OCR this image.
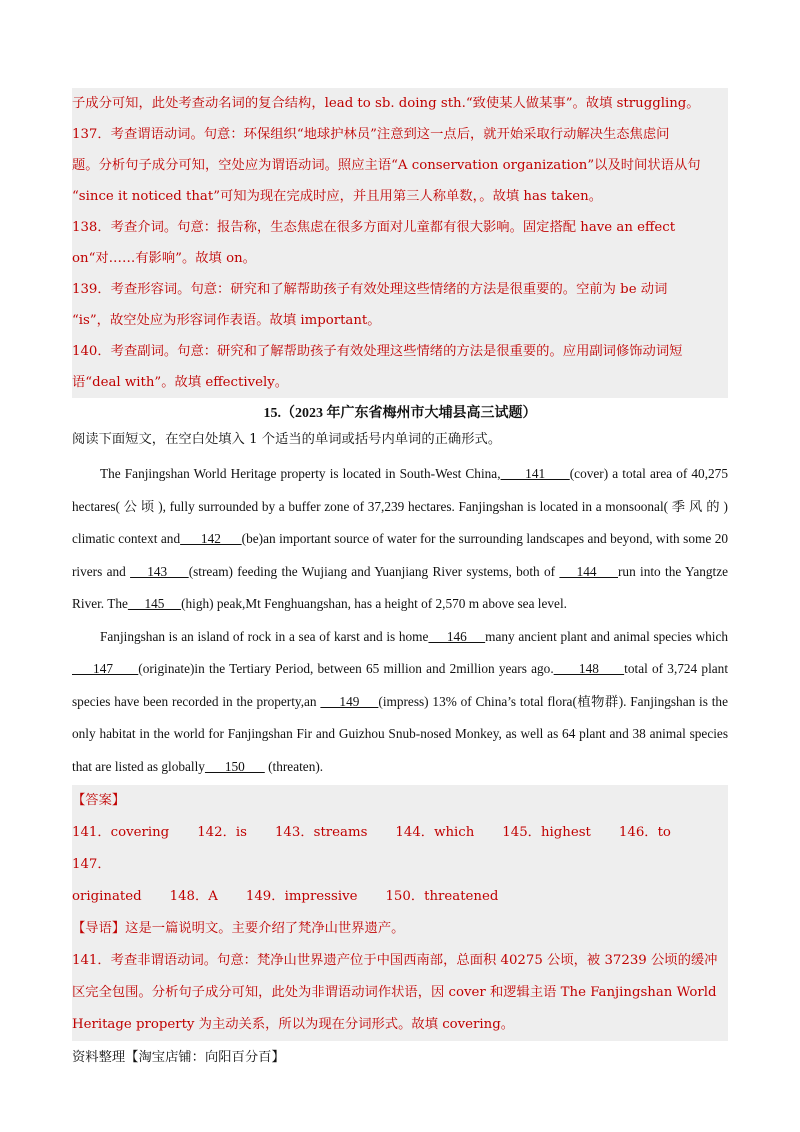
子成分可知，此处考查动名词的复合结构，lead to sb. doing sth.“致使某人做某事”。故填 struggling。

137．考查谓语动词。句意：环保组织“地球护林员”注意到这一点后，就开始采取行动解决生态焦虑问

题。分析句子成分可知，空处应为谓语动词。照应主语“A conservation organization”以及时间状语从句

“since it noticed that”可知为现在完成时应，并且用第三人称单数，。故填 has taken。

138．考查介词。句意：报告称，生态焦虑在很多方面对儿童都有很大影响。固定搭配 have an effect

on“对……有影响”。故填 on。

139．考查形容词。句意：研究和了解帮助孩子有效处理这些情绪的方法是很重要的。空前为 be 动词

“is”，故空处应为形容词作表语。故填 important。

140．考查副词。句意：研究和了解帮助孩子有效处理这些情绪的方法是很重要的。应用副词修饰动词短

语“deal with”。故填 effectively。

15.（2023 年广东省梅州市大埔县高三试题）

阅读下面短文，在空白处填入 1 个适当的单词或括号内单词的正确形式。

The Fanjingshan World Heritage property is located in South-West China,      141      (cover) a total area of 40,275 hectares( 公 顷 ), fully surrounded by a buffer zone of 37,239 hectares. Fanjingshan is located in a monsoonal( 季 风 的 ) climatic context and      142      (be)an important source of water for the surrounding landscapes and beyond, with some 20 rivers and     143     (stream) feeding the Wujiang and Yuanjiang River systems, both of     144     run into the Yangtze River. The     145     (high) peak,Mt Fenghuangshan, has a height of 2,570 m above sea level.

Fanjingshan is an island of rock in a sea of karst and is home     146     many ancient plant and animal species which     147      (originate)in the Tertiary Period, between 65 million and 2million years ago.      148      total of 3,724 plant species have been recorded in the property,an      149     (impress) 13% of China’s total flora(植物群). Fanjingshan is the only habitat in the world for Fanjingshan Fir and Guizhou Snub-nosed Monkey, as well as 64 plant and 38 animal species that are listed as globally      150       (threaten).

【答案】

141．covering 142．is 143．streams 144．which 145．highest 146．to147．

originated 148．A 149．impressive 150．threatened

【导语】这是一篇说明文。主要介绍了梵净山世界遗产。

141．考查非谓语动词。句意：梵净山世界遗产位于中国西南部，总面积 40275 公顷，被 37239 公顷的缓冲

区完全包围。分析句子成分可知，此处为非谓语动词作状语，因 cover 和逻辑主语 The Fanjingshan World

Heritage property 为主动关系，所以为现在分词形式。故填 covering。

资料整理【淘宝店铺：向阳百分百】
